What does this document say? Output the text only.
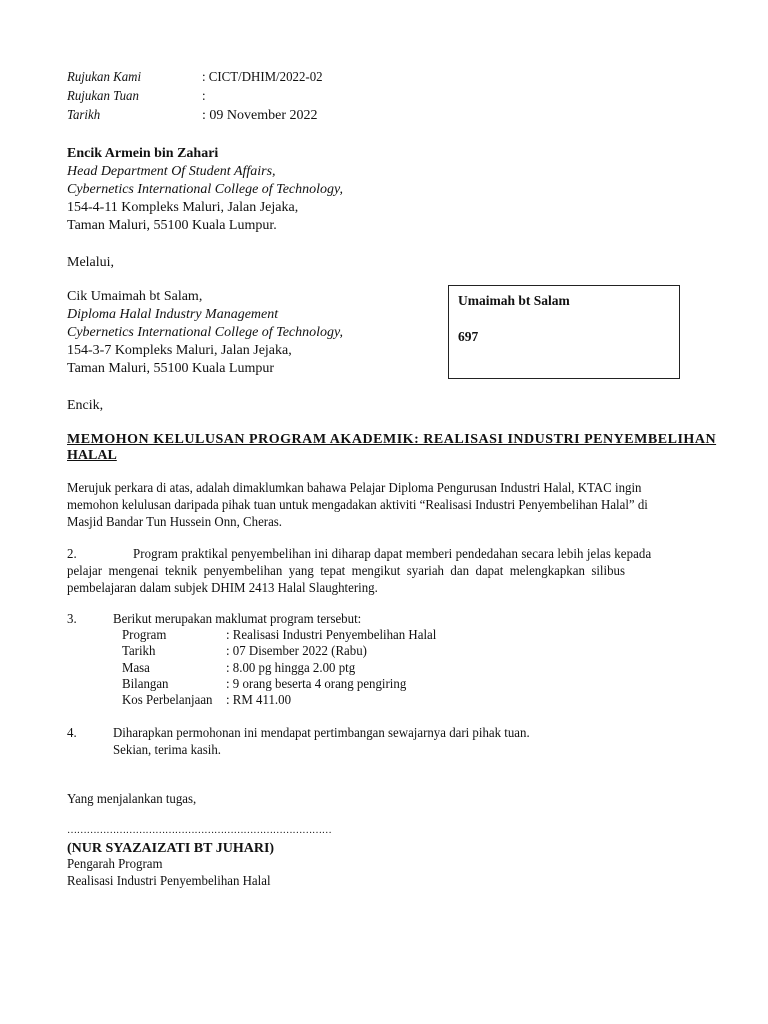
Rujukan Kami	: CICT/DHIM/2022-02
Rujukan Tuan	:
Tarikh	: 09 November 2022
Encik Armein bin Zahari
Head Department Of Student Affairs,
Cybernetics International College of Technology,
154-4-11 Kompleks Maluri, Jalan Jejaka,
Taman Maluri, 55100 Kuala Lumpur.
Melalui,
Cik Umaimah bt Salam,
Diploma Halal Industry Management
Cybernetics International College of Technology,
154-3-7 Kompleks Maluri, Jalan Jejaka,
Taman Maluri, 55100 Kuala Lumpur
Umaimah bt Salam
697
Encik,
MEMOHON KELULUSAN PROGRAM AKADEMIK: REALISASI INDUSTRI PENYEMBELIHAN
HALAL
Merujuk perkara di atas, adalah dimaklumkan bahawa Pelajar Diploma Pengurusan Industri Halal, KTAC ingin
memohon kelulusan daripada pihak tuan untuk mengadakan aktiviti “Realisasi Industri Penyembelihan Halal” di
Masjid Bandar Tun Hussein Onn, Cheras.
2.	Program praktikal penyembelihan ini diharap dapat memberi pendedahan secara lebih jelas kepada
pelajar mengenai teknik penyembelihan yang tepat mengikut syariah dan dapat melengkapkan silibus
pembelajaran dalam subjek DHIM 2413 Halal Slaughtering.
3.	Berikut merupakan maklumat program tersebut:
Program	: Realisasi Industri Penyembelihan Halal
Tarikh	: 07 Disember 2022 (Rabu)
Masa	: 8.00 pg hingga 2.00 ptg
Bilangan	: 9 orang beserta 4 orang pengiring
Kos Perbelanjaan : RM 411.00
4.	Diharapkan permohonan ini mendapat pertimbangan sewajarnya dari pihak tuan.
Sekian, terima kasih.
Yang menjalankan tugas,
………………………………………………………………………
(NUR SYAZAIZATI BT JUHARI)
Pengarah Program
Realisasi Industri Penyembelihan Halal
